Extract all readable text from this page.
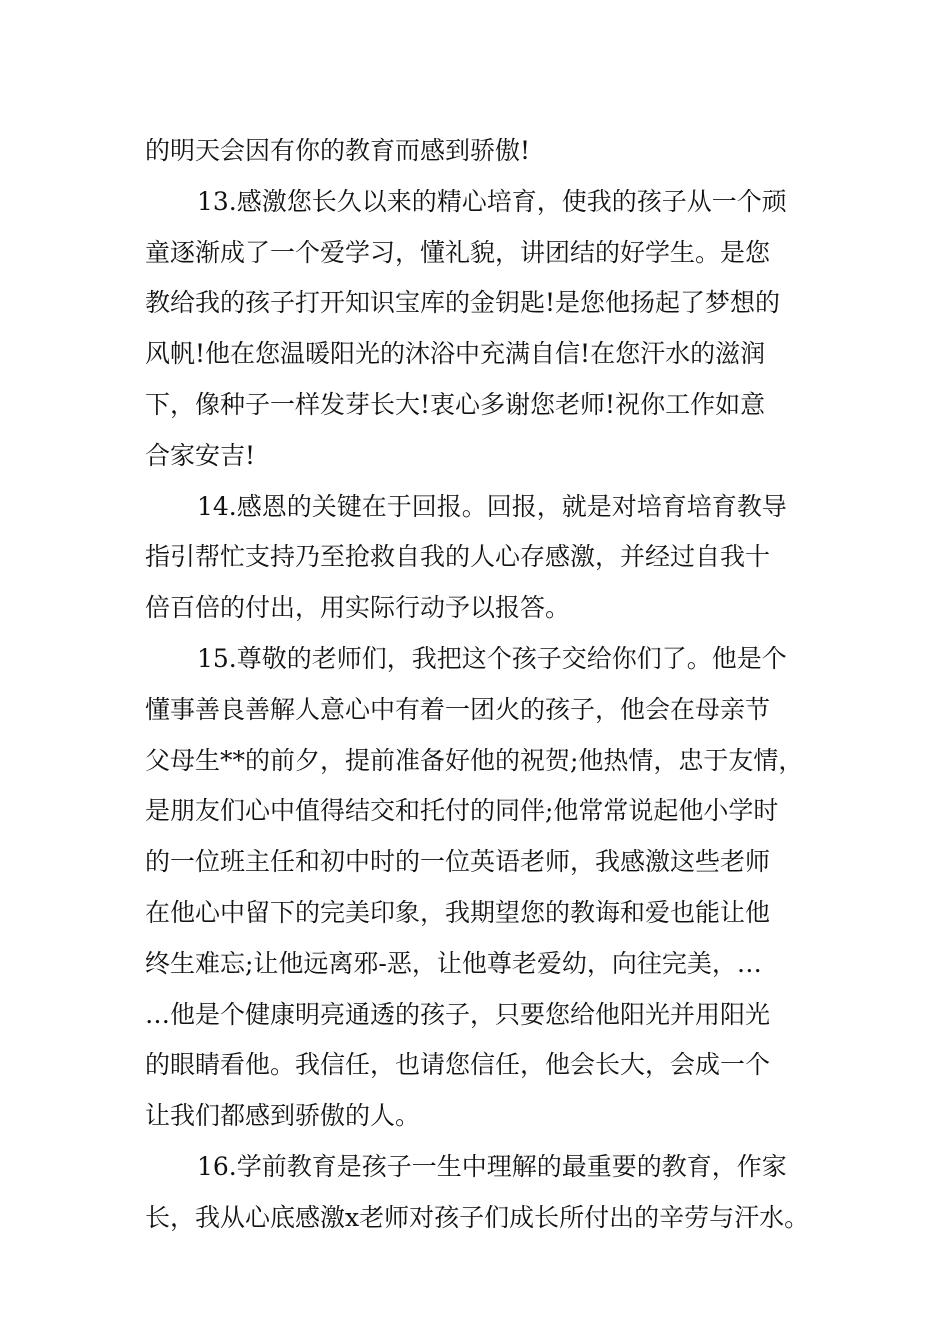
的明天会因有你的教育而感到骄傲!
13.感激您长久以来的精心培育，使我的孩子从一个顽
童逐渐成了一个爱学习，懂礼貌，讲团结的好学生。是您
教给我的孩子打开知识宝库的金钥匙!是您他扬起了梦想的
风帆!他在您温暖阳光的沐浴中充满自信!在您汗水的滋润
下，像种子一样发芽长大!衷心多谢您老师!祝你工作如意
合家安吉!
14.感恩的关键在于回报。回报，就是对培育培育教导
指引帮忙支持乃至抢救自我的人心存感激，并经过自我十
倍百倍的付出，用实际行动予以报答。
15.尊敬的老师们，我把这个孩子交给你们了。他是个
懂事善良善解人意心中有着一团火的孩子，他会在母亲节
父母生**的前夕，提前准备好他的祝贺;他热情，忠于友情，
是朋友们心中值得结交和托付的同伴;他常常说起他小学时
的一位班主任和初中时的一位英语老师，我感激这些老师
在他心中留下的完美印象，我期望您的教诲和爱也能让他
终生难忘;让他远离邪-恶，让他尊老爱幼，向往完美，…
…他是个健康明亮通透的孩子，只要您给他阳光并用阳光
的眼睛看他。我信任，也请您信任，他会长大，会成一个
让我们都感到骄傲的人。
16.学前教育是孩子一生中理解的最重要的教育，作家
长，我从心底感激x老师对孩子们成长所付出的辛劳与汗水。
